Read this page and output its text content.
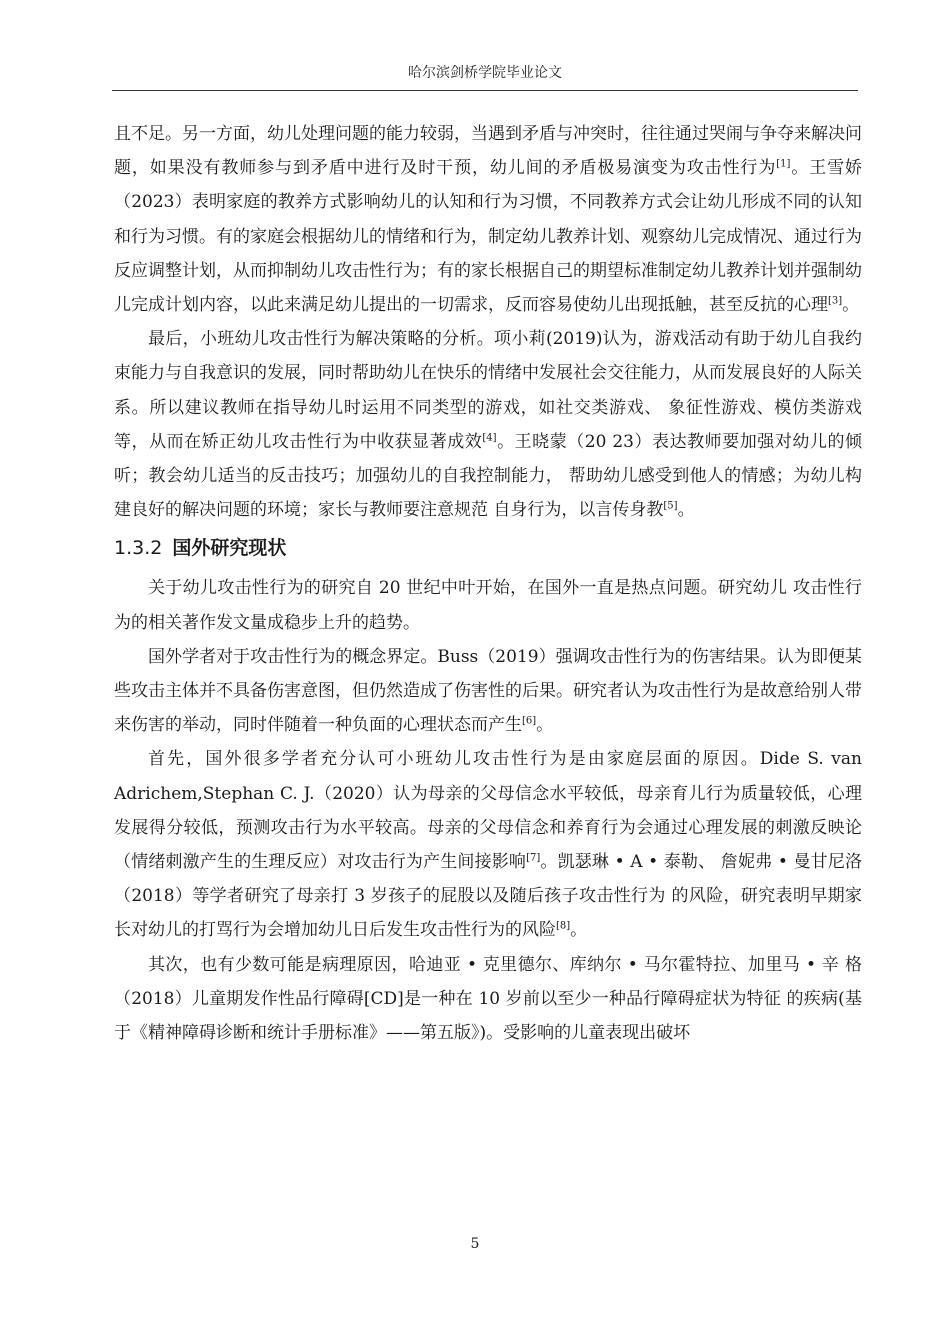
哈尔滨剑桥学院毕业论文

且不足。另一方面，幼儿处理问题的能力较弱，当遇到矛盾与冲突时，往往通过哭闹与争夺来解决问题，如果没有教师参与到矛盾中进行及时干预，幼儿间的矛盾极易演变为攻击性行为[1]。王雪娇（2023）表明家庭的教养方式影响幼儿的认知和行为习惯，不同教养方式会让幼儿形成不同的认知和行为习惯。有的家庭会根据幼儿的情绪和行为，制定幼儿教养计划、观察幼儿完成情况、通过行为反应调整计划，从而抑制幼儿攻击性行为；有的家长根据自己的期望标准制定幼儿教养计划并强制幼儿完成计划内容，以此来满足幼儿提出的一切需求，反而容易使幼儿出现抵触，甚至反抗的心理[3]。

最后，小班幼儿攻击性行为解决策略的分析。项小莉(2019)认为，游戏活动有助于幼儿自我约束能力与自我意识的发展，同时帮助幼儿在快乐的情绪中发展社会交往能力，从而发展良好的人际关系。所以建议教师在指导幼儿时运用不同类型的游戏，如社交类游戏、 象征性游戏、模仿类游戏等，从而在矫正幼儿攻击性行为中收获显著成效[4]。王晓蒙（20 23）表达教师要加强对幼儿的倾听；教会幼儿适当的反击技巧；加强幼儿的自我控制能力， 帮助幼儿感受到他人的情感；为幼儿构建良好的解决问题的环境；家长与教师要注意规范 自身行为，以言传身教[5]。

1.3.2 国外研究现状

关于幼儿攻击性行为的研究自 20 世纪中叶开始，在国外一直是热点问题。研究幼儿 攻击性行为的相关著作发文量成稳步上升的趋势。

国外学者对于攻击性行为的概念界定。Buss（2019）强调攻击性行为的伤害结果。认为即便某些攻击主体并不具备伤害意图，但仍然造成了伤害性的后果。研究者认为攻击性行为是故意给别人带来伤害的举动，同时伴随着一种负面的心理状态而产生[6]。

首先，国外很多学者充分认可小班幼儿攻击性行为是由家庭层面的原因。Dide S. van Adrichem,Stephan C. J.（2020）认为母亲的父母信念水平较低，母亲育儿行为质量较低，心理发展得分较低，预测攻击行为水平较高。母亲的父母信念和养育行为会通过心理发展的刺激反映论（情绪刺激产生的生理反应）对攻击行为产生间接影响[7]。凯瑟琳 • A • 泰勒、 詹妮弗 • 曼甘尼洛（2018）等学者研究了母亲打 3 岁孩子的屁股以及随后孩子攻击性行为 的风险，研究表明早期家长对幼儿的打骂行为会增加幼儿日后发生攻击性行为的风险[8]。

其次，也有少数可能是病理原因，哈迪亚 • 克里德尔、库纳尔 • 马尔霍特拉、加里马 • 辛 格（2018）儿童期发作性品行障碍[CD]是一种在 10 岁前以至少一种品行障碍症状为特征 的疾病(基于《精神障碍诊断和统计手册标准》——第五版》)。受影响的儿童表现出破坏

5
